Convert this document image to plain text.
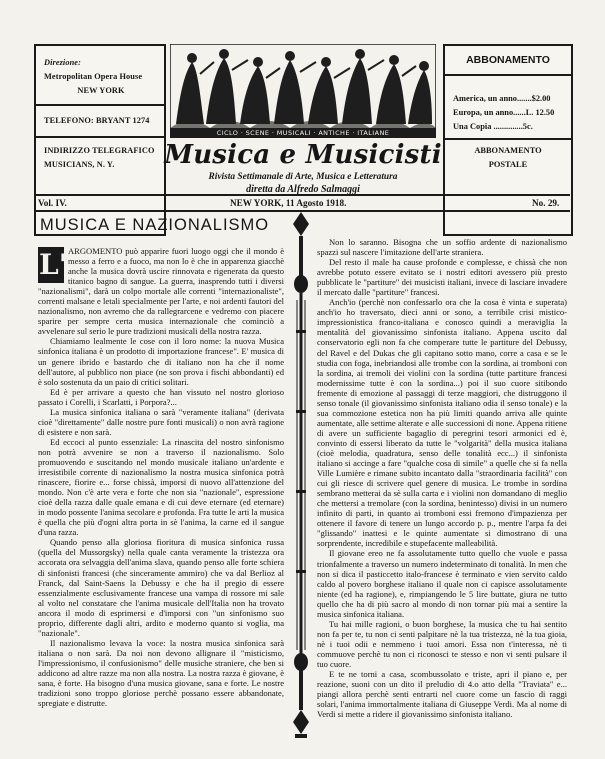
Direzione:
Metropolitan Opera House
NEW YORK
TELEFONO: BRYANT 1274
INDIRIZZO TELEGRAFICO
MUSICIANS, N. Y.
CICLO · SCENE · MUSICALI · ANTICHE · ITALIANE
Musica e Musicisti
Rivista Settimanale di Arte, Musica e Letteratura
diretta da Alfredo Salmaggi
ABBONAMENTO
America, un anno.......$2.00
Europa, un anno......L. 12.50
Una Copia ..............5c.
ABBONAMENTO
POSTALE
Vol. IV.	NEW YORK, 11 Agosto 1918.	No. 29.
MUSICA E NAZIONALISMO

L' ARGOMENTO può apparire fuori luogo oggi che il mondo è messo a ferro e a fuoco, ma non lo è che in apparenza giacchè anche la musica dovrà uscire rinnovata e rigenerata da questo titanico bagno di sangue. La guerra, inasprendo tutti i diversi "nazionalismi", darà un colpo mortale alle correnti "internazionaliste", correnti malsane e letali specialmente per l'arte, e noi ardenti fautori del nazionalismo, non avremo che da rallegrarcene e vedremo con piacere sparire per sempre certa musica internazionale che cominciò a avvelenare sul serio le pure tradizioni musicali della nostra razza.

Chiamiamo lealmente le cose con il loro nome: la nuova Musica sinfonica italiana è un prodotto di importazione francese". E' musica di un genere ibrido e bastardo che di italiano non ha che il nome dell'autore, al pubblico non piace (ne son prova i fischi abbondanti) ed è solo sostenuta da un paio di critici solitari.

Ed è per arrivare a questo che han vissuto nel nostro glorioso passato i Corelli, i Scarlatti, i Porpora?...

La musica sinfonica italiana o sarà "veramente italiana" (derivata cioè "direttamente" dalle nostre pure fonti musicali) o non avrà ragione di esistere e non sarà.

Ed eccoci al punto essenziale: La rinascita del nostro sinfonismo non potrà avvenire se non a traverso il nazionalismo. Solo promuovendo e suscitando nel mondo musicale italiano un'ardente e irresistibile corrente di nazionalismo la nostra musica sinfonica potrà rinascere, fiorire e... forse chissà, imporsi di nuovo all'attenzione del mondo. Non c'è arte vera e forte che non sia "nazionale", espressione cioè della razza dalle quale emana e di cui deve eternare (ed eternare) in modo possente l'anima secolare e profonda. Fra tutte le arti la musica è quella che più d'ogni altra porta in sè l'anima, la carne ed il sangue d'una razza.

Quando penso alla gloriosa fioritura di musica sinfonica russa (quella del Mussorgsky) nella quale canta veramente la tristezza ora accorata ora selvaggia dell'anima slava, quando penso alle forte schiera di sinfonisti francesi (che sinceramente ammiro) che va dal Berlioz al Franck, dal Saint-Saens la Debussy e che ha il pregio di essere essenzialmente esclusivamente francese una vampa di rossore mi sale al volto nel constatare che l'anima musicale dell'Italia non ha trovato ancora il modo di esprimersi e d'imporsi con "un sinfonismo suo proprio, differente dagli altri, ardito e moderno quanto si voglia, ma "nazionale".

Il nazionalismo levava la voce: la nostra musica sinfonica sarà italiana o non sarà. Da noi non devono allignare il "misticismo, l'impressionismo, il confusionismo" delle musiche straniere, che ben si addicono ad altre razze ma non alla nostra. La nostra razza è giovane, è sana, è forte. Ha bisogno d'una musica giovane, sana e forte. Le nostre tradizioni sono troppo gloriose perchè possano essere abbandonate, spregiate e distrutte.

Non lo saranno. Bisogna che un soffio ardente di nazionalismo spazzi sul nascere l'imitazione dell'arte straniera.

Del resto il male ha cause profonde e complesse, e chissà che non avrebbe potuto essere evitato se i nostri editori avessero più presto pubblicate le "partiture" dei musicisti italiani, invece di lasciare invadere il mercato dalle "partiture" francesi.

Anch'io (perchè non confessarlo ora che la cosa è vinta e superata) anch'io ho traversato, dieci anni or sono, a terribile crisi mistico-impressionistica franco-italiana e conosco quindi a meraviglia la mentalità del giovanissimo sinfonista italiano. Appena uscito dal conservatorio egli non fa che comperare tutte le partiture del Debussy, del Ravel e del Dukas che gli capitano sotto mano, corre a casa e se le studia con foga, inebriandosi alle trombe con la sordina, ai tromboni con la sordina, ai tremoli dei violini con la sordina (tutte partiture francesi modernissime tutte è con la sordina...) poi il suo cuore sitibondo fremente di emozione al passaggi di terze maggiori, che distruggono il senso tonale (il giovanissimo sinfonista italiano odia il senso tonale) e la sua commozione estetica non ha più limiti quando arriva alle quinte aumentate, alle settime alterate e alle successioni di none. Appena ritiene di avere un sufficiente bagaglio di peregrini tesori armonici ed è, convinto di essersi liberato da tutte le "volgarità" della musica italiana (cioè melodia, quadratura, senso delle tonalità ecc...) il sinfonista italiano si accinge a fare "qualche cosa di simile" a quelle che si fa nella Ville Lumière e rimane subito incantato dalla "straordinaria facilità" con cui gli riesce di scrivere quel genere di musica. Le trombe in sordina sembrano metterai da sè sulla carta e i violini non domandano di meglio che mettersi a tremolare (con la sordina, benintesso) divisi in un numero infinito di parti, in quanto ai tromboni essi fremono d'impazienza per ottenere il favore di tenere un lungo accordo p. p., mentre l'arpa fa dei "glissando" inattesi e le quinte aumentate si dimostrano di una sorprendente, incredibile e stupefacente malleabilità.

Il giovane ereo ne fa assolutamente tutto quello che vuole e passa trionfalmente a traverso un numero indeterminato di tonalità. In men che non si dica il pasticcetto italo-francese è terminato e vien servito caldo caldo al povero borghese italiano il quale non ci capisce assolutamente niente (ed ha ragione), e, rimpiangendo le 5 lire buttate, giura ne tutto quello che ha di più sacro al mondo di non tornar più mai a sentire la musica sinfonica italiana.

Tu hai mille ragioni, o buon borghese, la musica che tu hai sentito non fa per te, tu non ci senti palpitare nè la tua tristezza, nè la tua gioia, nè i tuoi odii e nemmeno i tuoi amori. Essa non t'interessa, nè ti commuove perchè tu non ci riconosci te stesso e non vi senti pulsare il tuo cuore.

E te ne torni a casa, scombussolato e triste, apri il piano e, per reazione, suoni con un dito il preludio di 4.o atto della "Traviata" e... piangi allora perchè senti entrarti nel cuore come un fascio di raggi solari, l'anima immortalmente italiana di Giuseppe Verdi. Ma al nome di Verdi si mette a ridere il giovanissimo sinfonista italiano.
